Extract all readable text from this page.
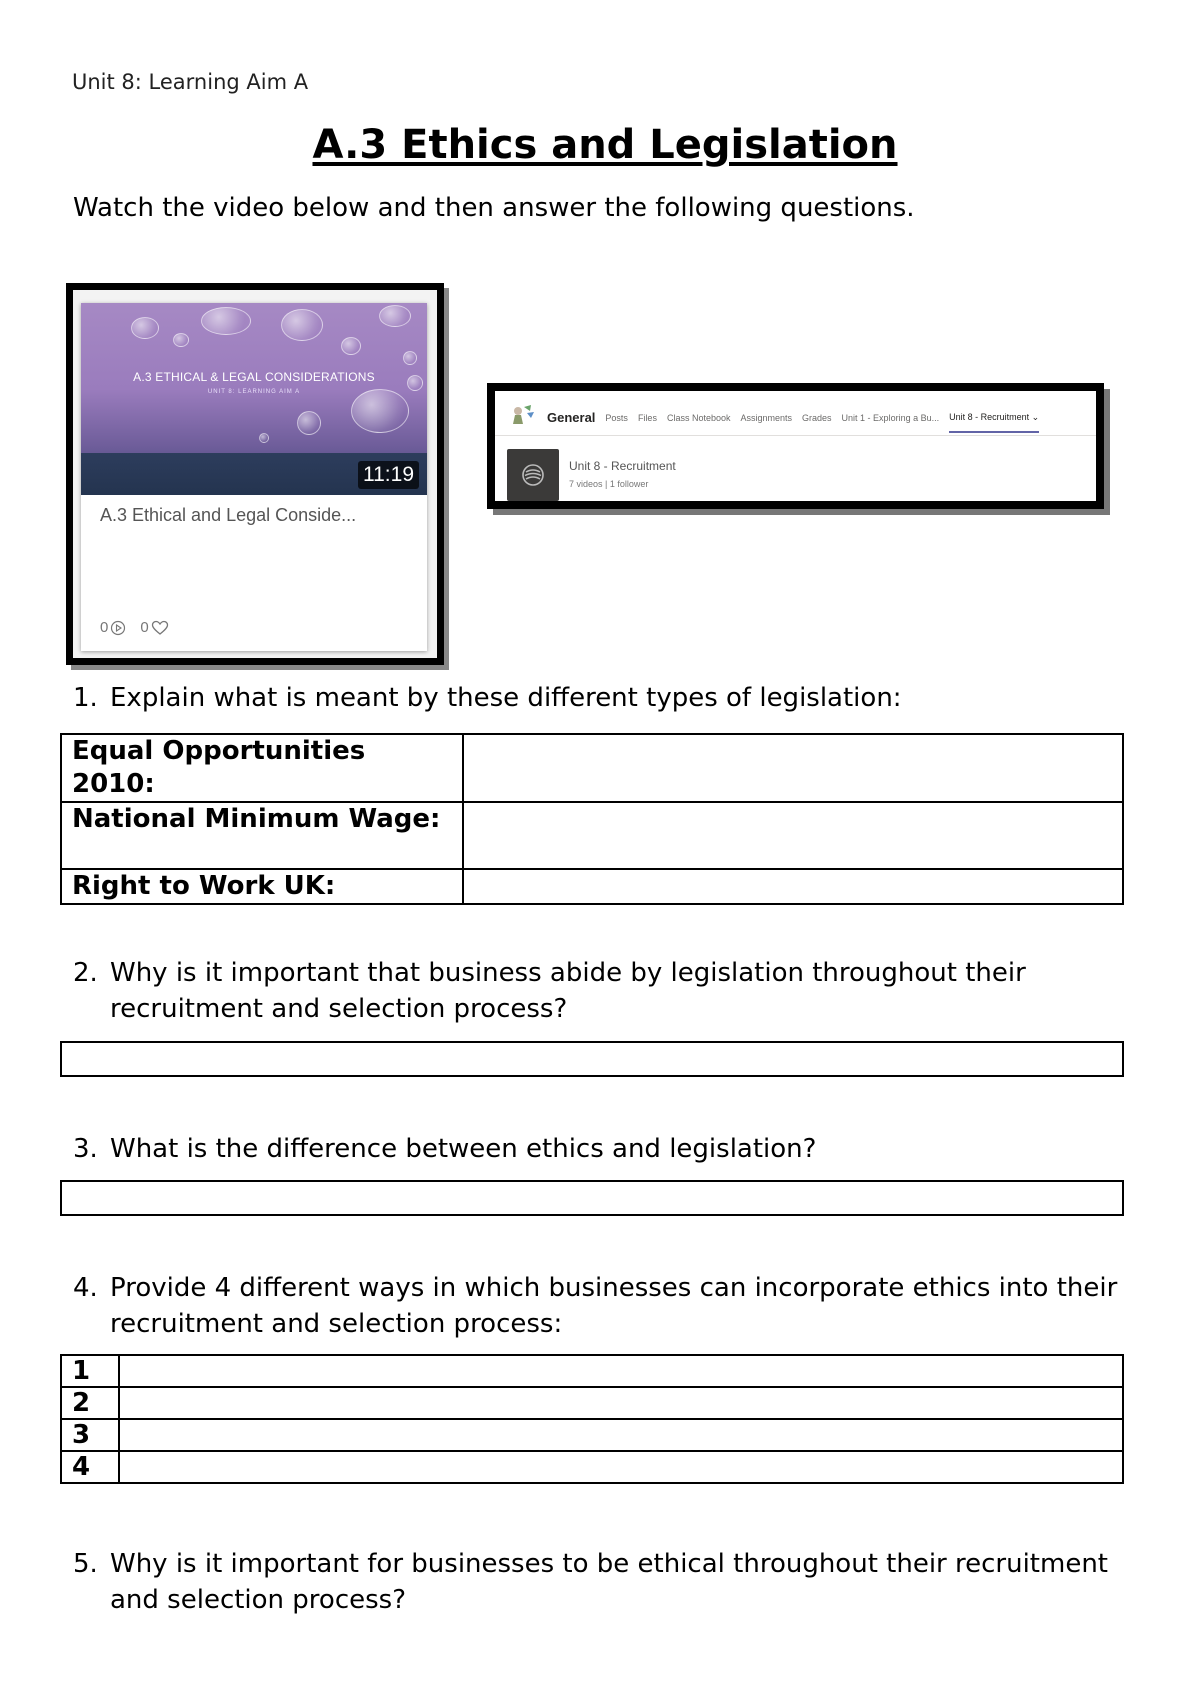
Unit 8: Learning Aim A
A.3 Ethics and Legislation
Watch the video below and then answer the following questions.
A.3 ETHICAL & LEGAL CONSIDERATIONS
UNIT 8: LEARNING AIM A
11:19
A.3 Ethical and Legal Conside...
0 0
General Posts Files Class Notebook Assignments Grades Unit 1 - Exploring a Bu... Unit 8 - Recruitment ⌄
Unit 8 - Recruitment
7 videos | 1 follower
1. Explain what is meant by these different types of legislation:
Equal Opportunities 2010:	
National Minimum Wage:	
Right to Work UK:	
2. Why is it important that business abide by legislation throughout their recruitment and selection process?
3. What is the difference between ethics and legislation?
4. Provide 4 different ways in which businesses can incorporate ethics into their recruitment and selection process:
1	
2	
3	
4	
5. Why is it important for businesses to be ethical throughout their recruitment and selection process?
